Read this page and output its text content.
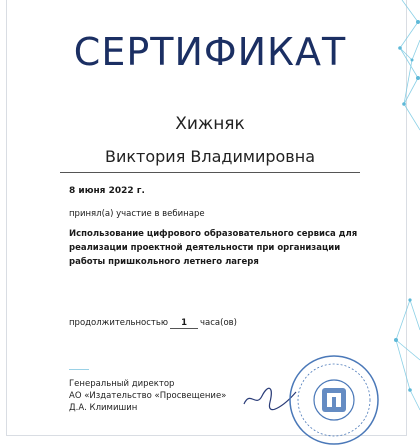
СЕРТИФИКАТ
Хижняк
Виктория Владимировна
8 июня 2022 г.
принял(а) участие в вебинаре
Использование цифрового образовательного сервиса для реализации проектной деятельности при организации работы пришкольного летнего лагеря
продолжительностью	1	часа(ов)
Генеральный директор
АО «Издательство «Просвещение»
Д.А. Климишин
